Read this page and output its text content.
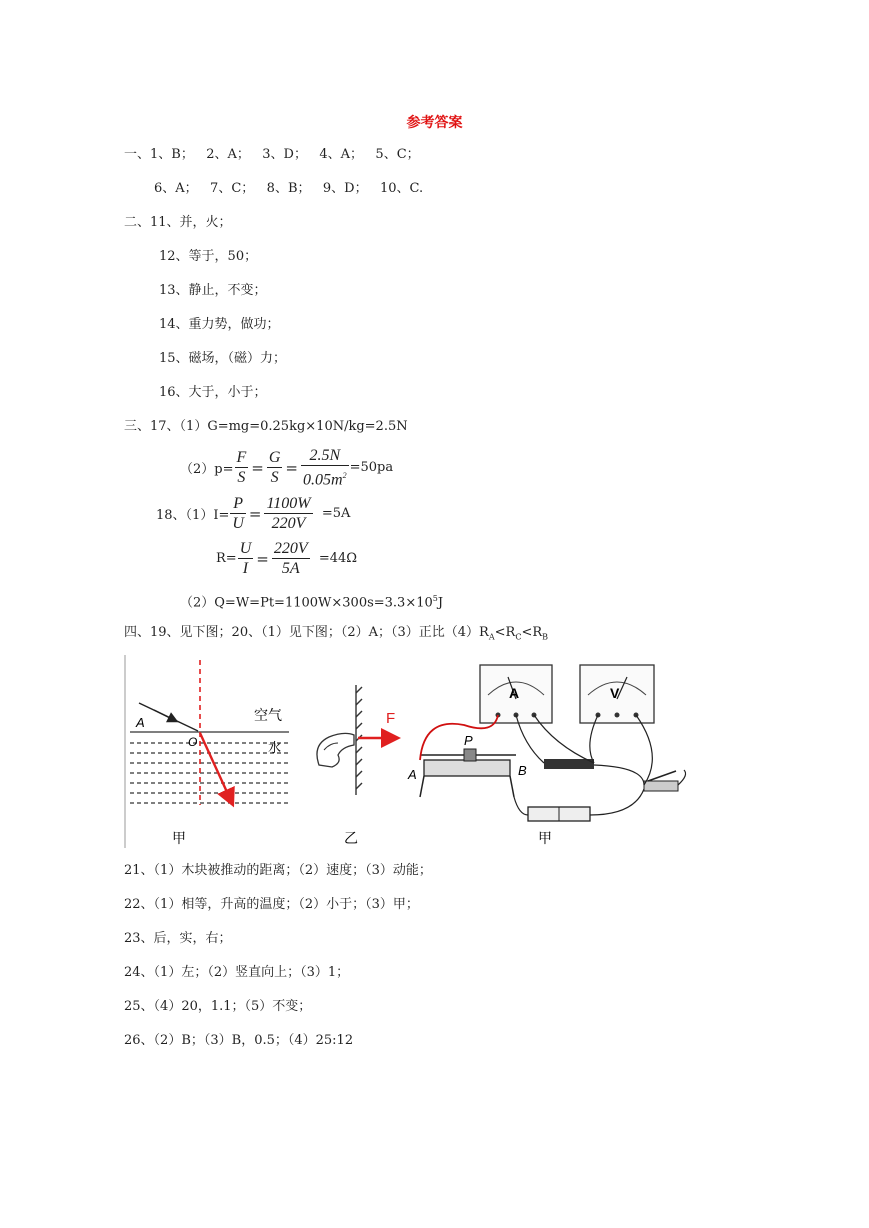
参考答案
一、1、B；   2、A；   3、D；   4、A；   5、C；
6、A；   7、C；   8、B；   9、D；   10、C.
二、11、并，火；
12、等于，50；
13、静止，不变；
14、重力势，做功；
15、磁场，（磁）力；
16、大于，小于；
三、17、（1）G=mg=0.25kg×10N/kg=2.5N
$(2)p= \frac{F}{S} = \frac{G}{S} = \frac{2.5N}{0.05m^2} =50pa$
18、$(1)I= \frac{P}{U} = \frac{1100W}{220V} =5A$
$R= \frac{U}{I} = \frac{220V}{5A} =44\Omega$
$(2)Q=W=Pt=1100W\times 300s=3.3\times 10^5J$
四、19、见下图；20、（1）见下图；（2）A；（3）正比$(4)R_A<R_C<R_B$
A
O
空气
水
甲
F
乙
A	V
A	B
P
甲
21、（1）木块被推动的距离；（2）速度；（3）动能；
22、（1）相等，升高的温度；（2）小于；（3）甲；
23、后，实，右；
24、（1）左；（2）竖直向上；（3）1；
25、（4）20，1.1；（5）不变；
26、（2）B；（3）B，0.5；（4）25:12
